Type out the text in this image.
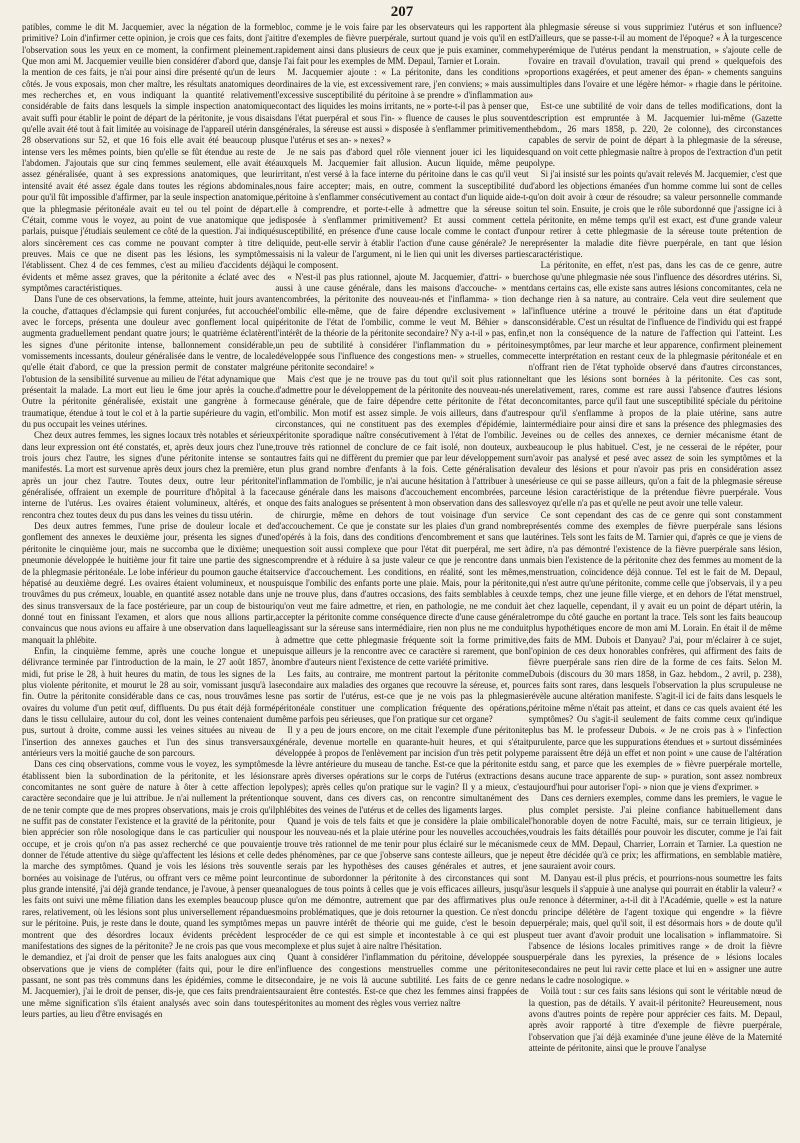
207

patibles, comme le dit M. Jacquemier, avec la négation de la forme primitive? Loin d'infirmer cette opinion, je crois que ces faits, dont j'ai l'observation sous les yeux en ce moment, la confirment pleinement. Que mon ami M. Jacquemier veuille bien considérer d'abord que, dans la mention de ces faits, je n'ai pour ainsi dire présenté qu'un de leurs côtés. Je vous exposais, mon cher maître, les résultats anatomiques de mes recherches et, en vous indiquant la quantité relativement considérable de faits dans lesquels la simple inspection anatomique avait suffi pour établir le point de départ de la péritonite, je vous disais qu'elle avait été tout à fait limitée au voisinage de l'appareil utérin dans 28 observations sur 52, et que 16 fois elle avait été beaucoup plus intense vers les mêmes points, bien qu'elle se fût étendue au reste de l'abdomen. J'ajoutais que sur cinq femmes seulement, elle avait été assez généralisée, quant à ses expressions anatomiques, que leur intensité avait été assez égale dans toutes les régions abdominales, pour qu'il fût impossible d'affirmer, par la seule inspection anatomique, que la phlegmasie péritonéale avait eu tel ou tel point de départ. C'était, comme vous le voyez, au point de vue anatomique que je parlais, puisque j'étudiais seulement ce côté de la question. J'ai indiqué alors sincèrement ces cas comme ne pouvant compter à titre de preuves. Mais ce que ne disent pas les lésions, les symptômes l'établissent. Chez 4 de ces femmes, c'est au milieu d'accidents déjà évidents et même assez graves, que la péritonite a éclaté avec des symptômes caractéristiques.

Dans l'une de ces observations, la femme, atteinte, huit jours avant la couche, d'attaques d'éclampsie qui furent conjurées, fut accouchée avec le forceps, présenta une douleur avec gonflement local qui augmenta graduellement pendant quatre jours; le quatrième éclatèrent les signes d'une péritonite intense, ballonnement considérable, vomissements incessants, douleur généralisée dans le ventre, de locale qu'elle était d'abord, ce que la pression permit de constater malgré l'obtusion de la sensibilité survenue au milieu de l'état adynamique que présentait la malade. La mort eut lieu le 6me jour après la couche. Outre la péritonite généralisée, existait une gangrène à forme traumatique, étendue à tout le col et à la partie supérieure du vagin, et du pus occupait les veines utérines.

Chez deux autres femmes, les signes locaux très notables et sérieux dans leur expression ont été constatés, et, après deux jours chez l'une, trois jours chez l'autre, les signes d'une péritonite intense se sont manifestés. La mort est survenue après deux jours chez la première, et après un jour chez l'autre. Toutes deux, outre leur péritonite généralisée, offraient un exemple de pourriture d'hôpital à la face interne de l'utérus. Les ovaires étaient volumineux, altérés, et on rencontra chez toutes deux du pus dans les veines du tissu utérin.

Des deux autres femmes, l'une prise de douleur locale et de gonflement des annexes le deuxième jour, présenta les signes d'une péritonite le cinquième jour, mais ne succomba que le dixième; une pneumonie développée le huitième jour fit taire une partie des signes de la phlegmasie péritonéale. Le lobe inférieur du poumon gauche était hépatisé au deuxième degré. Les ovaires étaient volumineux, et nous trouvâmes du pus crémeux, louable, en quantité assez notable dans un des sinus transversaux de la face postérieure, par un coup de bistouri donné tout en finissant l'examen, et alors que nous allions partir, convaincus que nous avions eu affaire à une observation dans laquelle manquait la phlébite.

Enfin, la cinquième femme, après une couche longue et une délivrance terminée par l'introduction de la main, le 27 août 1857, à midi, fut prise le 28, à huit heures du matin, de tous les signes de la plus violente péritonite, et mourut le 28 au soir, vomissant jusqu'à la fin. Outre la péritonite considérable dans ce cas, nous trouvâmes les ovaires du volume d'un petit œuf, diffluents. Du pus était déjà formé dans le tissu cellulaire, autour du col, dont les veines contenaient du pus, surtout à droite, comme aussi les veines situées au niveau de l'insertion des annexes gauches et l'un des sinus transversaux antérieurs vers la moitié gauche de son parcours.

Dans ces cinq observations, comme vous le voyez, les symptômes établissent bien la subordination de la péritonite, et les lésions concomitantes ne sont guère de nature à ôter à cette affection le caractère secondaire que je lui attribue. Je n'ai nullement la prétention de ne tenir compte que de mes propres observations, mais je crois qu'il ne suffit pas de constater l'existence et la gravité de la péritonite, pour bien apprécier son rôle nosologique dans le cas particulier qui nous occupe, et je crois qu'on n'a pas assez recherché ce que pouvaient donner de l'étude attentive du siège qu'affectent les lésions et celle de la marche des symptômes. Quand je vois les lésions très souvent bornées au voisinage de l'utérus, ou offrant vers ce même point leur plus grande intensité, j'ai déjà grande tendance, je l'avoue, à penser que les faits ont suivi une même filiation dans les exemples beaucoup plus rares, relativement, où les lésions sont plus universellement répandues sur le péritoine. Puis, je reste dans le doute, quand les symptômes me montrent que des désordres locaux évidents précèdent les manifestations des signes de la péritonite? Je ne crois pas que vous me le demandiez, et j'ai droit de penser que les faits analogues aux cinq observations que je viens de compléter (faits qui, pour le dire en passant, ne sont pas très communs dans les épidémies, comme le dit M. Jacquemier), j'ai le droit de penser, dis-je, que ces faits prendraient une même signification s'ils étaient analysés avec soin dans toutes leurs parties, au lieu d'être envisagés en

bloc, comme je le vois faire par les observateurs qui les rapportent à titre d'exemples de fièvre puerpérale, surtout quand je vois qu'il en est rapidement ainsi dans plusieurs de ceux que je puis examiner, comme je l'ai fait pour les exemples de MM. Depaul, Tarnier et Lorain.

M. Jacquemier ajoute : « La péritonite, dans les conditions » ordinaires de la vie, est excessivement rare, j'en conviens; » mais aussi l'excessive susceptibilité du péritoine à se prendre » d'inflammation au contact des liquides les moins irritants, ne » porte-t-il pas à penser que, dans l'état puerpéral et sous l'in- » fluence de causes le plus souvent générales, la séreuse est aussi » disposée à s'enflammer primitivement que l'utérus et ses an- » nexes? »

Je ne sais pas d'abord quel rôle viennent jouer ici les liquides auxquels M. Jacquemier fait allusion. Aucun liquide, même peu irritant, n'est versé à la face interne du péritoine dans le cas qu'il veut nous faire accepter; mais, en outre, comment la susceptibilité du péritoine à s'enflammer consécutivement au contact d'un liquide aide-t-elle à comprendre, et porte-t-elle à admettre que la séreuse soit disposée à s'enflammer primitivement? Et aussi comment cette susceptibilité, en présence d'une cause locale comme le contact d'un liquide, peut-elle servir à établir l'action d'une cause générale? Je ne saisis ni la valeur de l'argument, ni le lien qui unit les diverses parties qui le composent.

« N'est-il pas plus rationnel, ajoute M. Jacquemier, d'attri- » buer aussi à une cause générale, dans les maisons d'accouche- » ment encombrées, la péritonite des nouveau-nés et l'inflamma- » tion de l'ombilic elle-même, que de faire dépendre exclusivement » la péritonite de l'état de l'ombilic, comme le veut M. Béhier » dans l'intérêt de la théorie de la péritonite secondaire? N'y a-t-il » pas, enfin, un peu de subtilité à considérer l'inflammation du » péritoine développée sous l'influence des congestions men- » struelles, comme une péritonite secondaire! »

Mais c'est que je ne trouve pas du tout qu'il soit plus rationnel d'admettre pour le développement de la péritonite des nouveau-nés une cause générale, que de faire dépendre cette péritonite de l'état de l'ombilic. Mon motif est assez simple. Je vois ailleurs, dans d'autres circonstances, qui ne constituent pas des exemples d'épidémie, la péritonite sporadique naître consécutivement à l'état de l'ombilic. Je trouve très rationnel de conclure de ce fait isolé, non douteux, aux autres faits qui ne diffèrent du premier que par leur développement sur un plus grand nombre d'enfants à la fois. Cette généralisation de l'inflammation de l'ombilic, je n'ai aucune hésitation à l'attribuer à une cause générale dans les maisons d'accouchement encombrées, parce que des faits analogues se présentent à mon observation dans des salles de chirurgie, même en dehors de tout voisinage d'un service d'accouchement. Ce que je constate sur les plaies d'un grand nombre d'opérés à la fois, dans des conditions d'encombrement et sans que la question soit aussi complexe que pour l'état dit puerpéral, me sert à comprendre et à réduire à sa juste valeur ce que je rencontre dans un service d'accouchement. Les conditions, en réalité, sont les mêmes, puisque l'ombilic des enfants porte une plaie. Mais, pour la péritonite, je ne trouve plus, dans d'autres occasions, des faits semblables à ceux qu'on veut me faire admettre, et rien, en pathologie, ne me conduit à accepter la péritonite comme conséquence directe d'une cause générale agissant sur la séreuse sans intermédiaire, rien non plus ne me conduit à admettre que cette phlegmasie fréquente soit la forme primitive, puisque ailleurs je la rencontre avec ce caractère si rarement, que bon nombre d'auteurs nient l'existence de cette variété primitive.

Les faits, au contraire, me montrent partout la péritonite comme secondaire aux maladies des organes que recouvre la séreuse, et, pour ne pas sortir de l'utérus, est-ce que je ne vois pas la phlegmasie péritonéale constituer une complication fréquente des opérations, même parfois peu sérieuses, que l'on pratique sur cet organe?

Il y a peu de jours encore, on me citait l'exemple d'une péritonite générale, devenue mortelle en quarante-huit heures, et qui s'était développée à propos de l'enlèvement par incision d'un très petit polype de la lèvre antérieure du museau de tanche. Est-ce que la péritonite est rare après diverses opérations sur le corps de l'utérus (extractions de polypes); après celles qu'on pratique sur le vagin? Il y a mieux, c'est que souvent, dans ces divers cas, on rencontre simultanément des phlébites des veines de l'utérus et de celles des ligaments larges.

Quand je vois de tels faits et que je considère la plaie ombilicale pour les nouveau-nés et la plaie utérine pour les nouvelles accouchées, je trouve très rationnel de me tenir pour plus éclairé sur le mécanisme des phénomènes, par ce que j'observe sans conteste ailleurs, que je ne le serais par les hypothèses des causes générales et autres, et je continue de subordonner la péritonite à des circonstances qui sont analogues de tous points à celles que je vois efficaces ailleurs, jusqu'à ce qu'on me démontre, autrement que par des affirmatives plus ou moins problématiques, que je dois retourner la question. Ce n'est donc pas un pauvre intérêt de théorie qui me guide, c'est le besoin de procéder de ce qui est simple et incontestable à ce qui est plus complexe et plus sujet à aire naître l'hésitation.

Quant à considérer l'inflammation du péritoine, développée sous l'influence des congestions menstruelles comme une péritonite secondaire, je ne vois là aucune subtilité. Les faits de ce genre ne sauraient être contestés. Est-ce que chez les femmes ainsi frappées de péritonites au moment des règles vous verriez naître

la phlegmasie séreuse si vous supprimiez l'utérus et son influence? D'ailleurs, que se passe-t-il au moment de l'époque? « À la turgescence hyperémique de l'utérus pendant la menstruation, » s'ajoute celle de l'ovaire en travail d'ovulation, travail qui prend » quelquefois des proportions exagérées, et peut amener des épan- » chements sanguins multiples dans l'ovaire et une légère hémor- » rhagie dans le péritoine. »

Est-ce une subtilité de voir dans de telles modifications, dont la description est empruntée à M. Jacquemier lui-même (Gazette hebdom., 26 mars 1858, p. 220, 2e colonne), des circonstances capables de servir de point de départ à la phlegmasie de la séreuse, quand on voit cette phlegmasie naître à propos de l'extraction d'un petit polype.

Si j'ai insisté sur les points qu'avait relevés M. Jacquemier, c'est que d'abord les objections émanées d'un homme comme lui sont de celles qu'on doit avoir à cœur de résoudre; sa valeur personnelle commande un tel soin. Ensuite, je crois que le rôle subordonné que j'assigne ici à la péritonite, en même temps qu'il est exact, est d'une grande valeur pour retirer à cette phlegmasie de la séreuse toute prétention de représenter la maladie dite fièvre puerpérale, en tant que lésion caractéristique.

La péritonite, en effet, n'est pas, dans les cas de ce genre, autre chose qu'une phlegmasie née sous l'influence des désordres utérins. Si, dans certains cas, elle existe sans autres lésions concomitantes, cela ne change rien à sa nature, au contraire. Cela veut dire seulement que l'influence utérine a trouvé le péritoine dans un état d'aptitude considérable. C'est un résultat de l'influence de l'individu qui est frappé et non la conséquence de la nature de l'affection qui l'atteint. Les symptômes, par leur marche et leur apparence, confirment pleinement cette interprétation en restant ceux de la phlegmasie péritonéale et en n'offrant rien de l'état typhoïde observé dans d'autres circonstances, tant que les lésions sont bornées à la péritonite. Ces cas sont, relativement, rares, comme est rare aussi l'absence d'autres lésions concomitantes, parce qu'il faut une susceptibilité spéciale du péritoine pour qu'il s'enflamme à propos de la plaie utérine, sans autre intermédiaire pour ainsi dire et sans la présence des phlegmasies des veines ou de celles des annexes, ce dernier mécanisme étant de beaucoup le plus habituel. C'est, je ne cesserai de le répéter, pour n'avoir pas analysé et pesé avec assez de soin les symptômes et la valeur des lésions et pour n'avoir pas pris en considération assez sérieuse ce qui se passe ailleurs, qu'on a fait de la phlegmasie séreuse une lésion caractéristique de la prétendue fièvre puerpérale. Vous voyez qu'elle n'a pas et qu'elle ne peut avoir une telle valeur.

Ce sont cependant des cas de ce genre qui sont constamment présentés comme des exemples de fièvre puerpérale sans lésions utérines. Tels sont les faits de M. Tarnier qui, d'après ce que je viens de dire, n'a pas démontré l'existence de la fièvre puerpérale sans lésion, mais bien l'existence de la péritonite chez des femmes au moment de la menstruation, coïncidence déjà connue. Tel est le fait de M. Depaul, qui n'est autre qu'une péritonite, comme celle que j'observais, il y a peu de temps, chez une jeune fille vierge, et en dehors de l'état menstruel, et chez laquelle, cependant, il y avait eu un point de départ utérin, la trompe du côté gauche en portant la trace. Tels sont les faits beaucoup plus hypothétiques encore de mon ami M. Lorain. En était il de même des faits de MM. Dubois et Danyau? J'ai, pour m'éclairer à ce sujet, l'opinion de ces deux honorables confrères, qui affirment des faits de fièvre puerpérale sans rien dire de la forme de ces faits. Selon M. Dubois (discours du 30 mars 1858, in Gaz. hebdom., 2 avril, p. 238), ces faits sont rares, dans lesquels l'observation la plus scrupuleuse ne révèle aucune altération manifeste. S'agit-il ici de faits dans lesquels le péritoine même n'était pas atteint, et dans ce cas quels avaient été les symptômes? Ou s'agit-il seulement de faits comme ceux qu'indique plus bas M. le professeur Dubois. « Je ne crois pas à » l'infection purulente, parce que les suppurations étendues et » surtout disséminées me paraissent être déjà un effet et non point » une cause de l'altération du sang, et parce que les exemples de » fièvre puerpérale mortelle, sans aucune trace apparente de sup- » puration, sont assez nombreux aujourd'hui pour autoriser l'opi- » nion que je viens d'exprimer. »

Dans ces derniers exemples, comme dans les premiers, le vague le plus complet persiste. J'ai pleine confiance habituellement dans l'honorable doyen de notre Faculté, mais, sur ce terrain litigieux, je voudrais les faits détaillés pour pouvoir les discuter, comme je l'ai fait de ceux de MM. Depaul, Charrier, Lorrain et Tarnier. La question ne peut être décidée qu'à ce prix; les affirmations, en semblable matière, ne sauraient avoir cours.

M. Danyau est-il plus précis, et pourrions-nous soumettre les faits sur lesquels il s'appuie à une analyse qui pourrait en établir la valeur? « Je renonce à déterminer, a-t-il dit à l'Académie, quelle » est la nature du principe délétère de l'agent toxique qui engendre » la fièvre puerpérale; mais, quel qu'il soit, il est désormais hors » de doute qu'il peut tuer avant d'avoir produit une localisation » inflammatoire. Si l'absence de lésions locales primitives range » de droit la fièvre puerpérale dans les pyrexies, la présence de » lésions locales secondaires ne peut lui ravir cette place et lui en » assigner une autre dans le cadre nosologique. »

Voilà tout : sur ces faits sans lésions qui sont le véritable nœud de la question, pas de détails. Y avait-il péritonite? Heureusement, nous avons d'autres points de repère pour apprécier ces faits. M. Depaul, après avoir rapporté à titre d'exemple de fièvre puerpérale, l'observation que j'ai déjà examinée d'une jeune élève de la Maternité atteinte de péritonite, ainsi que le prouve l'analyse
